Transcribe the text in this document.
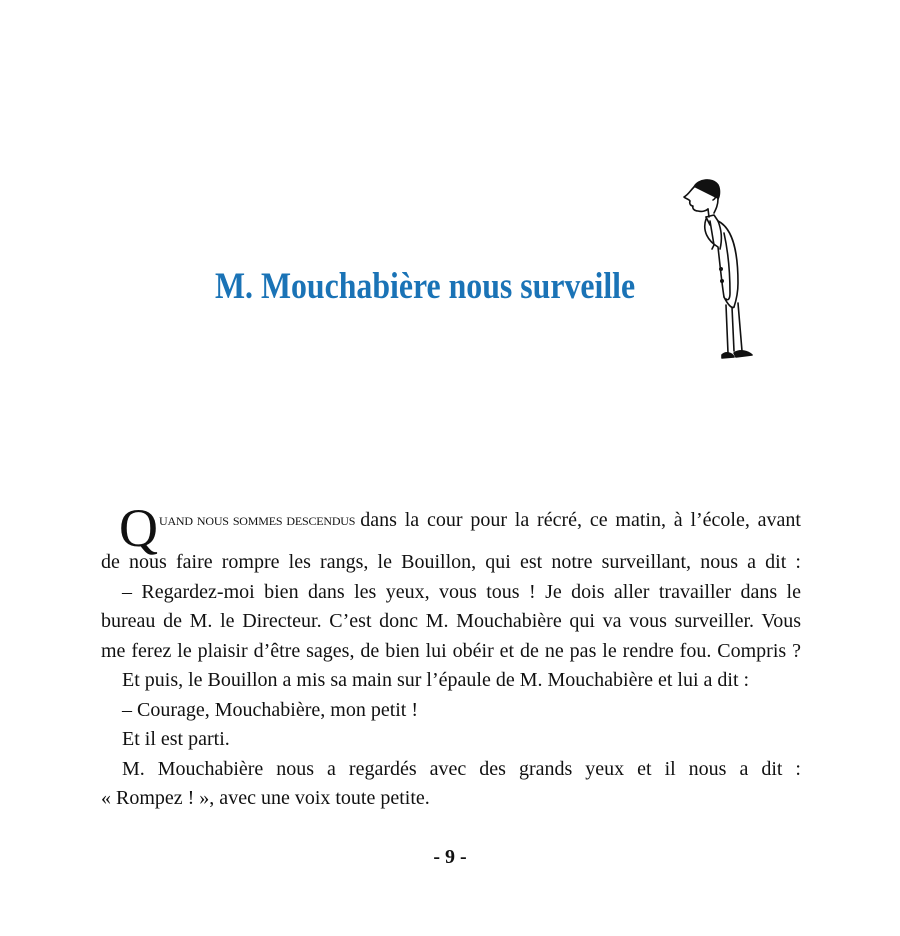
M. Mouchabière nous surveille
Q uand nous sommes descendus dans la cour pour la récré, ce matin, à l’école, avant
de nous faire rompre les rangs, le Bouillon, qui est notre surveillant, nous a dit :
– Regardez-moi bien dans les yeux, vous tous ! Je dois aller travailler dans le
bureau de M. le Directeur. C’est donc M. Mouchabière qui va vous surveiller. Vous
me ferez le plaisir d’être sages, de bien lui obéir et de ne pas le rendre fou. Compris ?
Et puis, le Bouillon a mis sa main sur l’épaule de M. Mouchabière et lui a dit :
– Courage, Mouchabière, mon petit !
Et il est parti.
M. Mouchabière nous a regardés avec des grands yeux et il nous a dit :
« Rompez ! », avec une voix toute petite.
- 9 -
